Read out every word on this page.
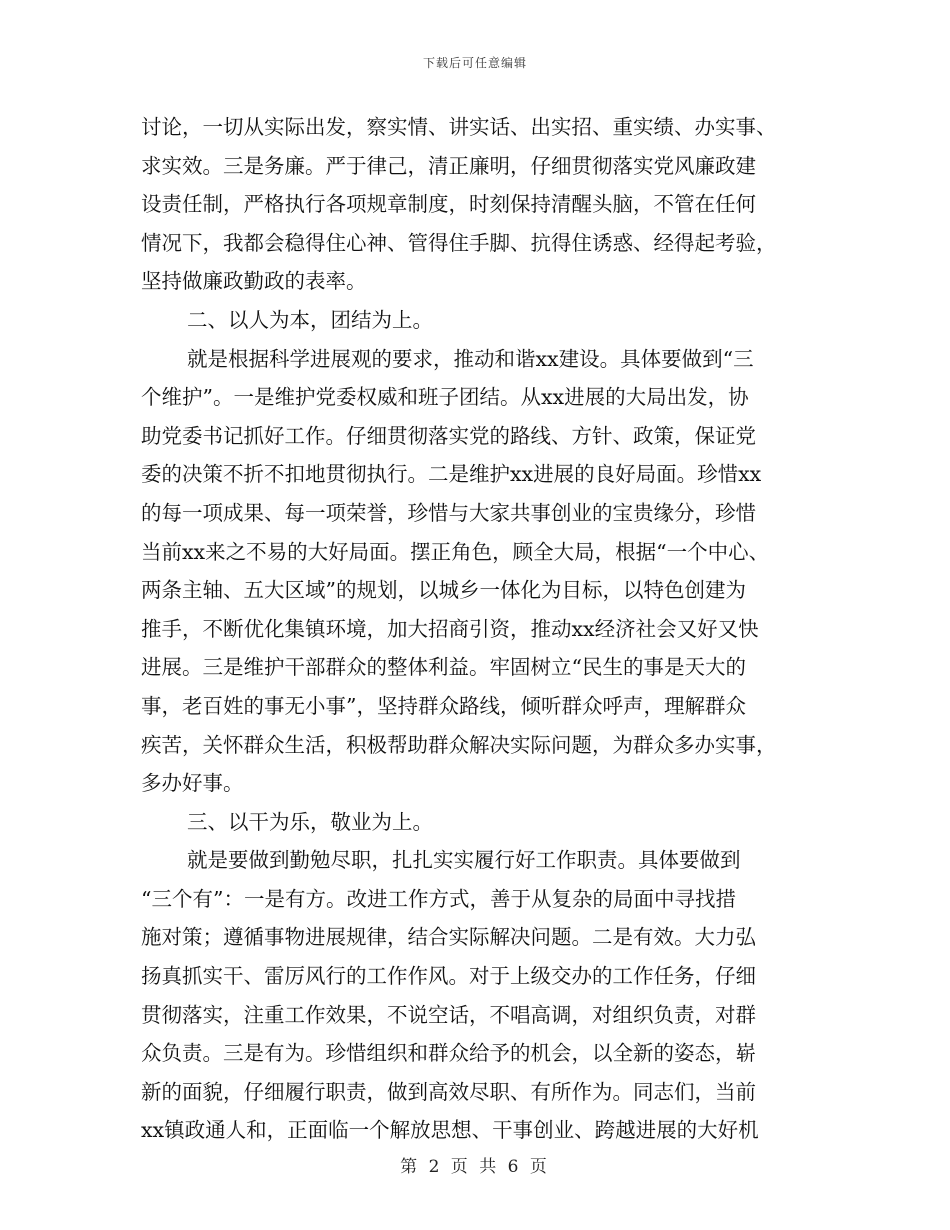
下载后可任意编辑
讨论，一切从实际出发，察实情、讲实话、出实招、重实绩、办实事、
求实效。三是务廉。严于律己，清正廉明，仔细贯彻落实党风廉政建
设责任制，严格执行各项规章制度，时刻保持清醒头脑，不管在任何
情况下，我都会稳得住心神、管得住手脚、抗得住诱惑、经得起考验，
坚持做廉政勤政的表率。
二、以人为本，团结为上。
就是根据科学进展观的要求，推动和谐xx建设。具体要做到“三
个维护”。一是维护党委权威和班子团结。从xx进展的大局出发，协
助党委书记抓好工作。仔细贯彻落实党的路线、方针、政策，保证党
委的决策不折不扣地贯彻执行。二是维护xx进展的良好局面。珍惜xx
的每一项成果、每一项荣誉，珍惜与大家共事创业的宝贵缘分，珍惜
当前xx来之不易的大好局面。摆正角色，顾全大局，根据“一个中心、
两条主轴、五大区域”的规划，以城乡一体化为目标，以特色创建为
推手，不断优化集镇环境，加大招商引资，推动xx经济社会又好又快
进展。三是维护干部群众的整体利益。牢固树立“民生的事是天大的
事，老百姓的事无小事”，坚持群众路线，倾听群众呼声，理解群众
疾苦，关怀群众生活，积极帮助群众解决实际问题，为群众多办实事，
多办好事。
三、以干为乐，敬业为上。
就是要做到勤勉尽职，扎扎实实履行好工作职责。具体要做到
“三个有”：一是有方。改进工作方式，善于从复杂的局面中寻找措
施对策；遵循事物进展规律，结合实际解决问题。二是有效。大力弘
扬真抓实干、雷厉风行的工作作风。对于上级交办的工作任务，仔细
贯彻落实，注重工作效果，不说空话，不唱高调，对组织负责，对群
众负责。三是有为。珍惜组织和群众给予的机会，以全新的姿态，崭
新的面貌，仔细履行职责，做到高效尽职、有所作为。同志们，当前
xx镇政通人和，正面临一个解放思想、干事创业、跨越进展的大好机
第 2 页 共 6 页
